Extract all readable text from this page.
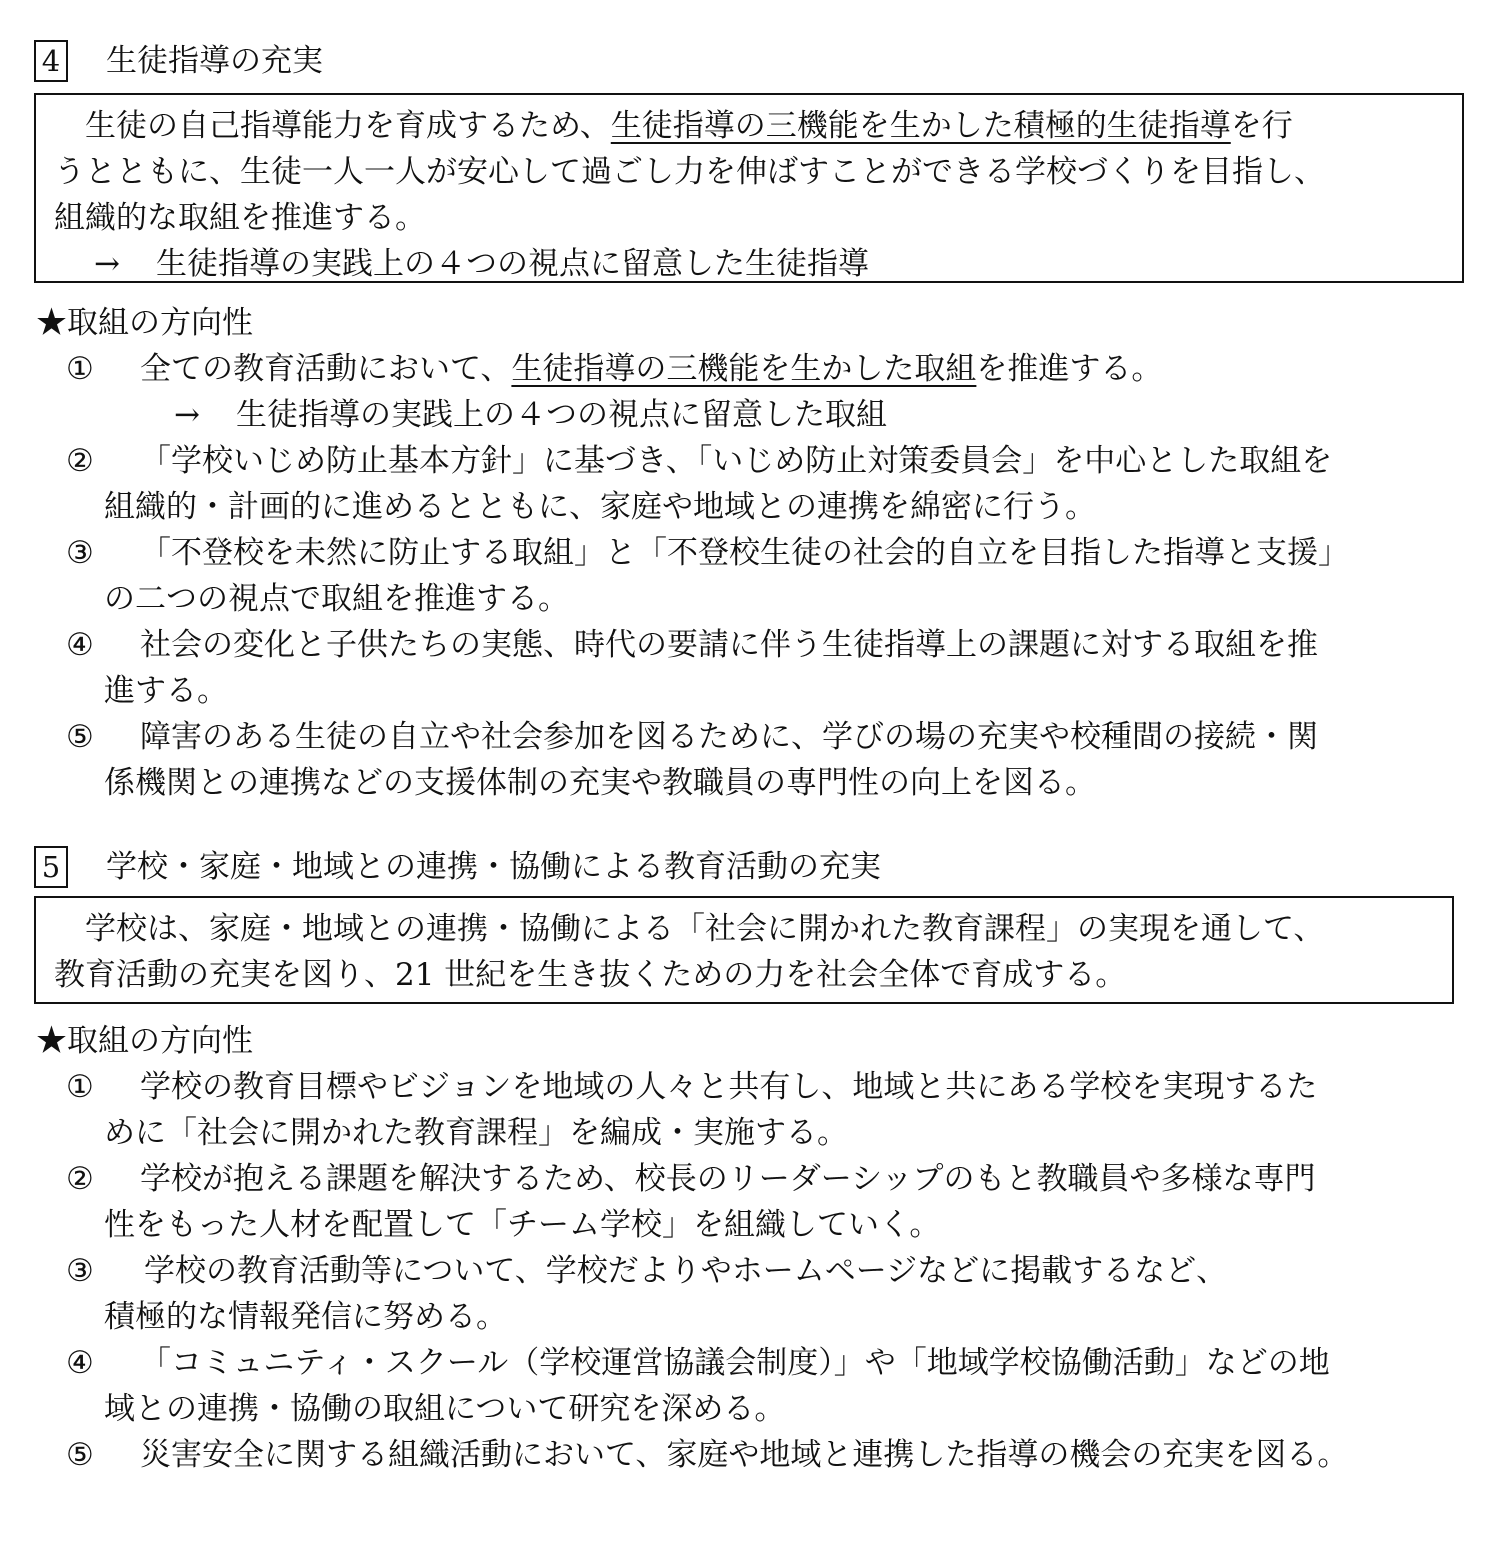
4 生徒指導の充実

生徒の自己指導能力を育成するため、生徒指導の三機能を生かした積極的生徒指導を行

うとともに、生徒一人一人が安心して過ごし力を伸ばすことができる学校づくりを目指し、

組織的な取組を推進する。

→ 生徒指導の実践上の４つの視点に留意した生徒指導

★取組の方向性
①	全ての教育活動において、生徒指導の三機能を生かした取組を推進する。
→ 生徒指導の実践上の４つの視点に留意した取組
②	「学校いじめ防止基本方針」に基づき、「いじめ防止対策委員会」を中心とした取組を
組織的・計画的に進めるとともに、家庭や地域との連携を綿密に行う。
③	「不登校を未然に防止する取組」と「不登校生徒の社会的自立を目指した指導と支援」
の二つの視点で取組を推進する。
④	社会の変化と子供たちの実態、時代の要請に伴う生徒指導上の課題に対する取組を推
進する。
⑤	障害のある生徒の自立や社会参加を図るために、学びの場の充実や校種間の接続・関
係機関との連携などの支援体制の充実や教職員の専門性の向上を図る。
5 学校・家庭・地域との連携・協働による教育活動の充実

学校は、家庭・地域との連携・協働による「社会に開かれた教育課程」の実現を通して、

教育活動の充実を図り、21 世紀を生き抜くための力を社会全体で育成する。

★取組の方向性
①	学校の教育目標やビジョンを地域の人々と共有し、地域と共にある学校を実現するた
めに「社会に開かれた教育課程」を編成・実施する。
②	学校が抱える課題を解決するため、校長のリーダーシップのもと教職員や多様な専門
性をもった人材を配置して「チーム学校」を組織していく。
③	学校の教育活動等について、学校だよりやホームページなどに掲載するなど、
積極的な情報発信に努める。
④	「コミュニティ・スクール（学校運営協議会制度）」や「地域学校協働活動」などの地
域との連携・協働の取組について研究を深める。
⑤	災害安全に関する組織活動において、家庭や地域と連携した指導の機会の充実を図る。
